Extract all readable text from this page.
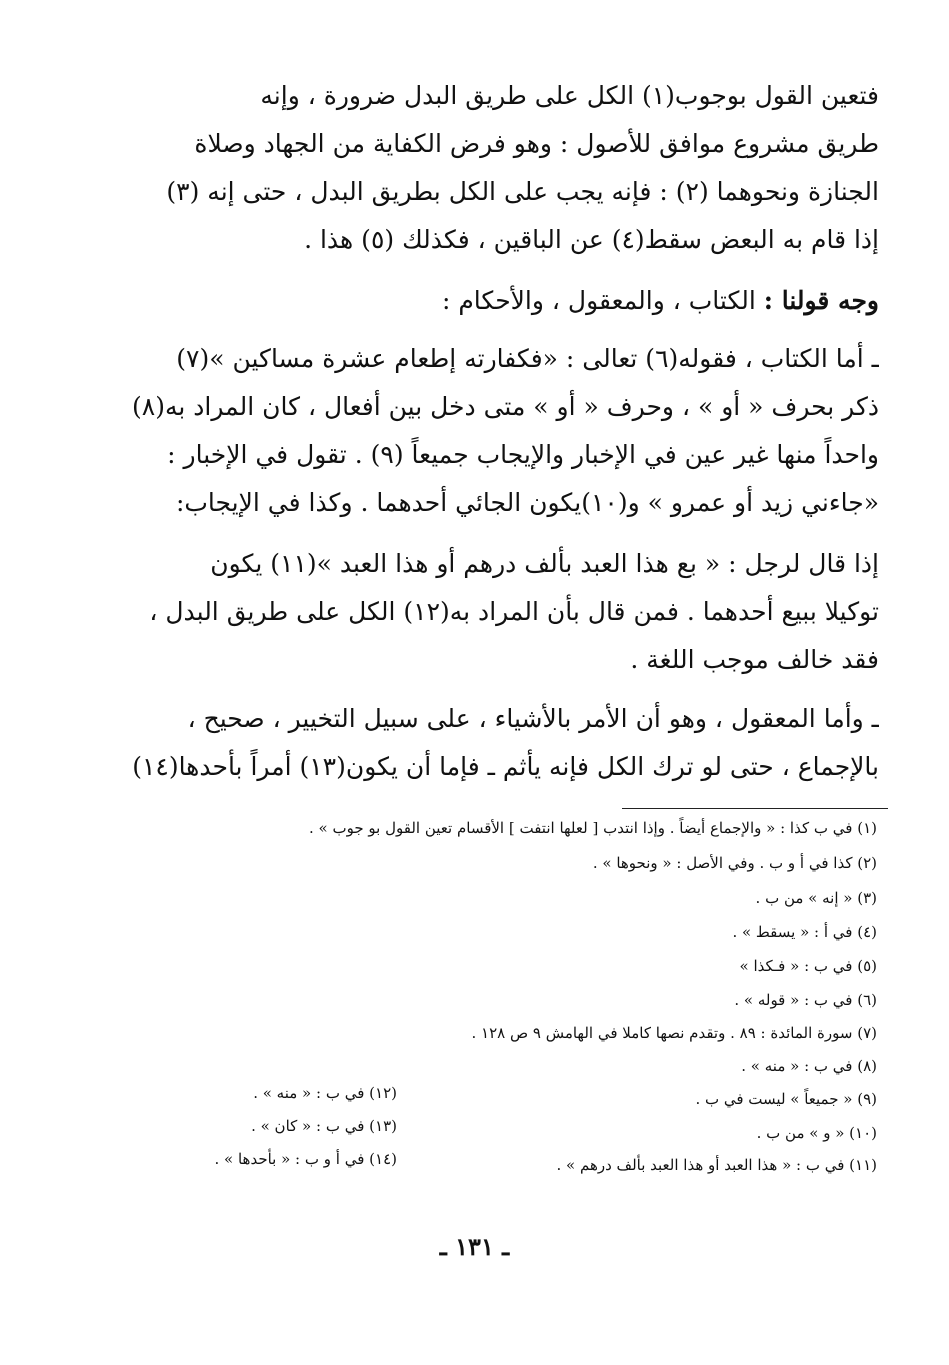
فتعين القول بوجوب(١) الكل على طريق البدل ضرورة ، وإنه
طريق مشروع موافق للأصول : وهو فرض الكفاية من الجهاد وصلاة
الجنازة ونحوهما (٢) : فإنه يجب على الكل بطريق البدل ، حتى إنه (٣)
إذا قام به البعض سقط(٤) عن الباقين ، فكذلك (٥) هذا .
وجه قولنا : الكتاب ، والمعقول ، والأحكام :
ـ أما الكتاب ، فقوله(٦) تعالى : «فكفارته إطعام عشرة مساكين »(٧)
ذكر بحرف « أو » ، وحرف « أو » متى دخل بين أفعال ، كان المراد به(٨)
واحداً منها غير عين في الإخبار والإيجاب جميعاً (٩) . تقول في الإخبار :
«جاءني زيد أو عمرو » و(١٠)يكون الجائي أحدهما . وكذا في الإيجاب:
إذا قال لرجل : « بع هذا العبد بألف درهم أو هذا العبد »(١١) يكون
توكيلا ببيع أحدهما . فمن قال بأن المراد به(١٢) الكل على طريق البدل ،
فقد خالف موجب اللغة .
ـ وأما المعقول ، وهو أن الأمر بالأشياء ، على سبيل التخيير ، صحيح ،
بالإجماع ، حتى لو ترك الكل فإنه يأثم ـ فإما أن يكون(١٣) أمراً بأحدها(١٤)
(١) في ب كذا : « والإجماع أيضاً . وإذا انتدب [ لعلها انتفت ] الأقسام تعين القول بو جوب » .
(٢) كذا في أ و ب . وفي الأصل : « ونحوها » .
(٣) « إنه » من ب .
(٤) في أ : « يسقط » .
(٥) في ب : « فـكذا »
(٦) في ب : « قوله » .
(٧) سورة المائدة : ٨٩ . وتقدم نصها كاملا في الهامش ٩ ص ١٢٨ .
(٨) في ب : « منه » .
(٩) « جميعاً » ليست في ب .
(١٠) « و » من ب .
(١١) في ب : « هذا العبد أو هذا العبد بألف درهم » .
(١٢) في ب : « منه » .
(١٣) في ب : « كان » .
(١٤) في أ و ب : « بأحدها » .
ـ ١٣١ ـ
